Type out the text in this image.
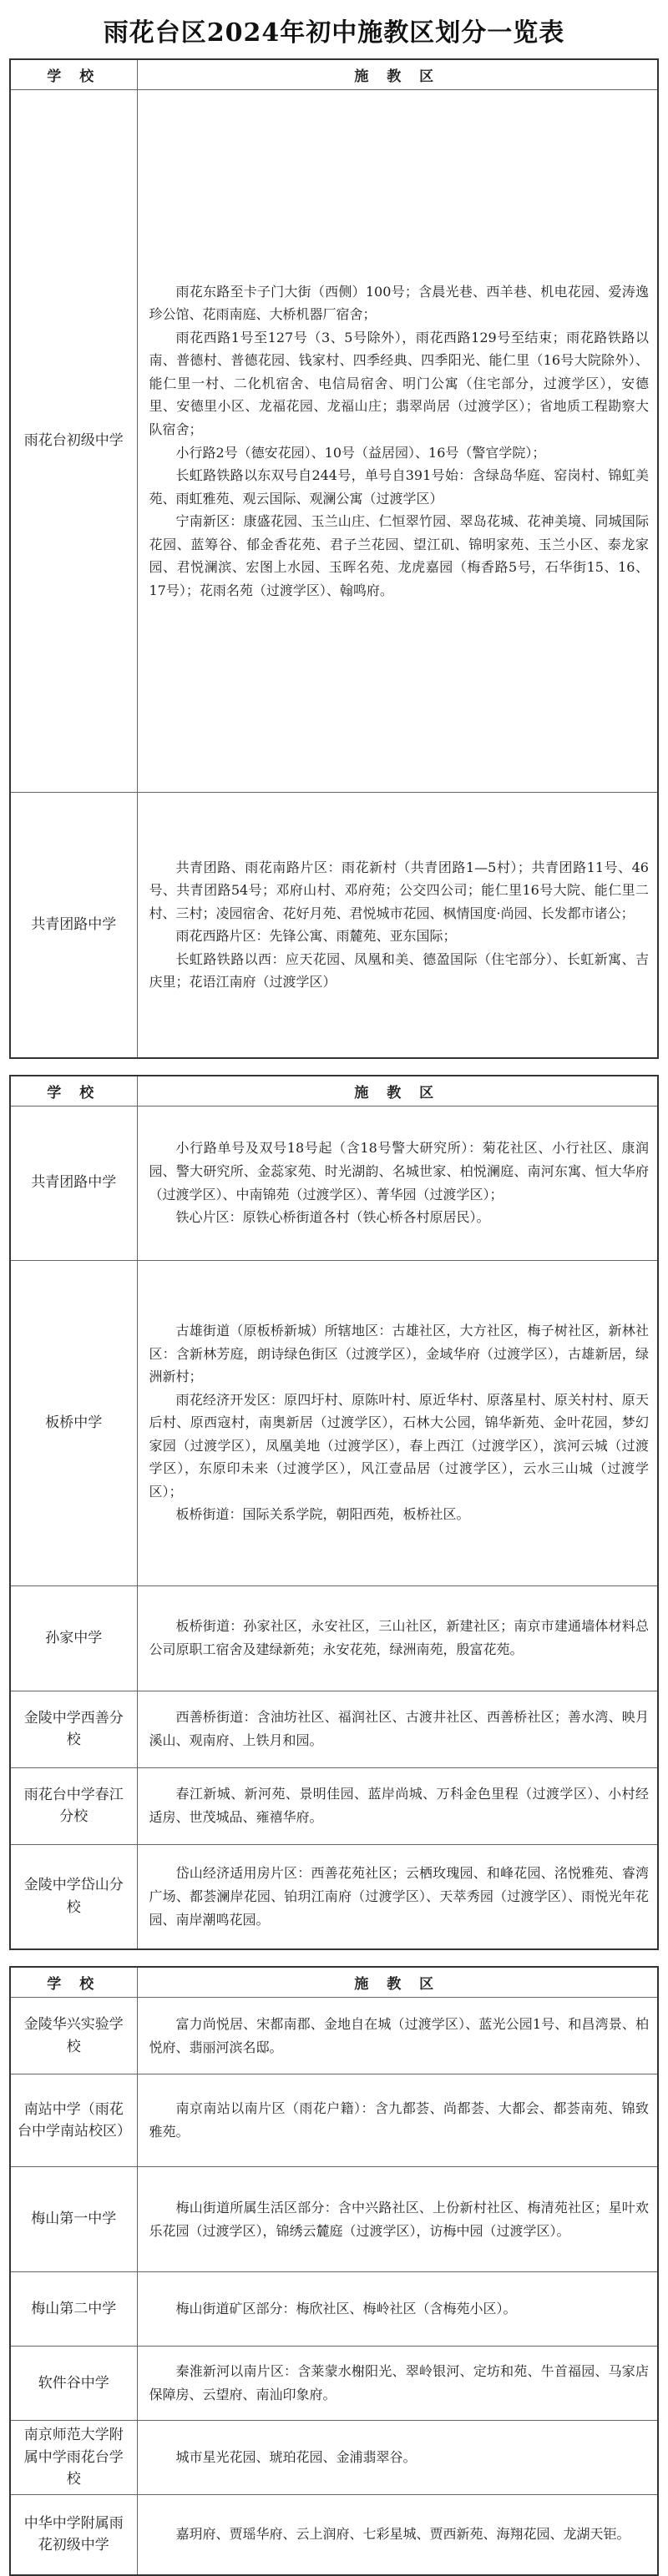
雨花台区2024年初中施教区划分一览表
学 校	施 教 区
雨花台初级中学	雨花东路至卡子门大街（西侧）100号；含晨光巷、西羊巷、机电花园、爱涛逸珍公馆、花雨南庭、大桥机器厂宿舍；

雨花西路1号至127号（3、5号除外），雨花西路129号至结束；雨花路铁路以南、普德村、普德花园、钱家村、四季经典、四季阳光、能仁里（16号大院除外）、能仁里一村、二化机宿舍、电信局宿舍、明门公寓（住宅部分，过渡学区），安德里、安德里小区、龙福花园、龙福山庄；翡翠尚居（过渡学区）；省地质工程勘察大队宿舍；

小行路2号（德安花园）、10号（益居园）、16号（警官学院）；

长虹路铁路以东双号自244号，单号自391号始：含绿岛华庭、窑岗村、锦虹美苑、雨虹雅苑、观云国际、观澜公寓（过渡学区）

宁南新区：康盛花园、玉兰山庄、仁恒翠竹园、翠岛花城、花神美境、同城国际花园、蓝筹谷、郁金香花苑、君子兰花园、望江矶、锦明家苑、玉兰小区、泰龙家园、君悦澜滨、宏图上水园、玉晖名苑、龙虎嘉园（梅香路5号，石华街15、16、17号）；花雨名苑（过渡学区）、翰鸣府。

共青团路中学	共青团路、雨花南路片区：雨花新村（共青团路1—5村）；共青团路11号、46号、共青团路54号；邓府山村、邓府苑；公交四公司；能仁里16号大院、能仁里二村、三村；凌园宿舍、花好月苑、君悦城市花园、枫情国度·尚园、长发都市诸公；

雨花西路片区：先锋公寓、雨麓苑、亚东国际；

长虹路铁路以西：应天花园、凤凰和美、德盈国际（住宅部分）、长虹新寓、吉庆里；花语江南府（过渡学区）

学 校	施 教 区
共青团路中学	小行路单号及双号18号起（含18号警大研究所）：菊花社区、小行社区、康润园、警大研究所、金蕊家苑、时光湖韵、名城世家、柏悦澜庭、南河东寓、恒大华府（过渡学区）、中南锦苑（过渡学区）、菁华园（过渡学区）；

铁心片区：原铁心桥街道各村（铁心桥各村原居民）。

板桥中学	古雄街道（原板桥新城）所辖地区：古雄社区，大方社区，梅子树社区，新林社区：含新林芳庭，朗诗绿色街区（过渡学区），金域华府（过渡学区），古雄新居，绿洲新村；

雨花经济开发区：原四圩村、原陈叶村、原近华村、原落星村、原关村村、原天后村、原西寇村，南奥新居（过渡学区），石林大公园，锦华新苑、金叶花园，梦幻家园（过渡学区），凤凰美地（过渡学区），春上西江（过渡学区），滨河云城（过渡学区），东原印未来（过渡学区），风江壹品居（过渡学区），云水三山城（过渡学区）；

板桥街道：国际关系学院，朝阳西苑，板桥社区。

孙家中学	板桥街道：孙家社区，永安社区，三山社区，新建社区；南京市建通墙体材料总公司原职工宿舍及建绿新苑；永安花苑，绿洲南苑，殷富花苑。

金陵中学西善分校	西善桥街道：含油坊社区、福润社区、古渡井社区、西善桥社区；善水湾、映月溪山、观南府、上铁月和园。

雨花台中学春江分校	春江新城、新河苑、景明佳园、蓝岸尚城、万科金色里程（过渡学区）、小村经适房、世茂城品、雍禧华府。

金陵中学岱山分校	岱山经济适用房片区：西善花苑社区；云栖玫瑰园、和峰花园、洺悦雅苑、睿湾广场、都荟澜岸花园、铂玥江南府（过渡学区）、天萃秀园（过渡学区）、雨悦光年花园、南岸潮鸣花园。

学 校	施 教 区
金陵华兴实验学校	富力尚悦居、宋都南郡、金地自在城（过渡学区）、蓝光公园1号、和昌湾景、柏悦府、翡丽河滨名邸。

南站中学（雨花台中学南站校区）	南京南站以南片区（雨花户籍）：含九都荟、尚都荟、大都会、都荟南苑、锦致雅苑。

梅山第一中学	梅山街道所属生活区部分：含中兴路社区、上份新村社区、梅清苑社区；星叶欢乐花园（过渡学区），锦绣云麓庭（过渡学区），访梅中园（过渡学区）。

梅山第二中学	梅山街道矿区部分：梅欣社区、梅岭社区（含梅苑小区）。

软件谷中学	秦淮新河以南片区：含莱蒙水榭阳光、翠岭银河、定坊和苑、牛首福园、马家店保障房、云望府、南汕印象府。

南京师范大学附属中学雨花台学校	城市星光花园、琥珀花园、金浦翡翠谷。

中华中学附属雨花初级中学	嘉玥府、贾瑶华府、云上润府、七彩星城、贾西新苑、海翔花园、龙湖天钜。
